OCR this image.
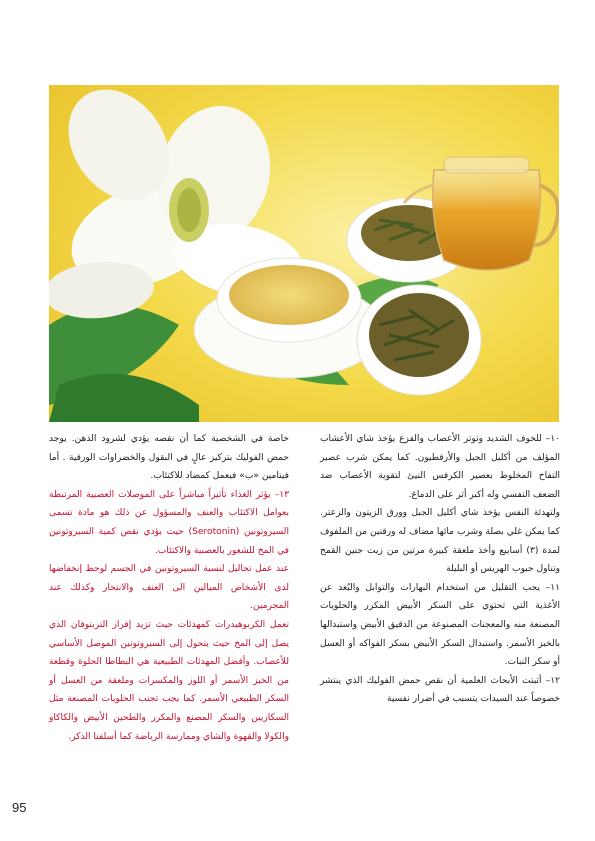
١٠– للخوف الشديد وتوتر الأعصاب والفزع يؤخذ شاي الأعشاب المؤلف من أكليل الجبل والأرقطيون. كما يمكن شرب عصير التفاح المخلوط بعصير الكرفس النيئ لتقوية الأعصاب ضد الضعف النفسي وله أكبر أثر على الدماغ.

ولتهدئة النفس يؤخذ شاي أكليل الجبل وورق الزيتون والزعتر. كما يمكن غلي بصلة وشرب مائها مضاف له ورقتين من الملفوف لمدة (٣) أسابيع وأخذ ملعقة كبيرة مرتين من زيت جنين القمح وتناول حبوب الهريس أو البليلة

١١– يجب التقليل من استخدام البهارات والتوابل والبُعد عن الأغذية التي تحتوي على السكر الأبيض المكرر والحلويات المصنعة منه والمعجنات المصنوعة من الدقيق الأبيض واستبدالها بالخبز الأسمر. واستبدال السكر الأبيض بسكر الفواكه أو العسل أو سكر النبات.

١٢– أثبتت الأبحاث العلمية أن نقص حمض الفوليك الذي ينتشر خصوصاً عند السيدات يتسبب في أضرار نفسية

خاصة في الشخصية كما أن نقصه يؤدي لشرود الذهن. يوجد حمض الفوليك بتركيز عالٍ في البقول والخضراوات الورقية . أما فيتامين «ب» فيعمل كمضاد للاكتئاب.

١٣– يؤثر الغذاء تأثيراً مباشراً على الموصلات العصبية المرتبطة بعوامل الاكتئاب والعنف والمسؤول عن ذلك هو مادة تسمى السيروتونين (Serotonin) حيث يؤدي نقص كمية السيروتونين في المخ للشعور بالعصبية والاكتئاب.

عند عمل تحاليل لنسبة السيروتونين في الجسم لوحظ إنخفاضها لدى الأشخاص الميالين الى العنف والانتحار وكذلك عند المجرمين.

تعمل الكربوهيدرات كمهدئات حيث تزيد إفراز التربتوفان الذي يصل إلى المخ حيث يتحول إلى السيروتونين الموصل الأساسي للأعصاب. وأفضل المهدئات الطبيعية هي البطاطا الحلوة وقطعة من الخبز الأسمر أو اللوز والمكسرات وملعقة من العسل أو السكر الطبيعي الأسمر. كما يجب تجنب الحلويات المصنعة مثل السكاريين والسكر المصنع والمكرر والطحين الأبيض والكاكاو والكولا والقهوة والشاي وممارسة الرياضة كما أسلفنا الذكر.

95
